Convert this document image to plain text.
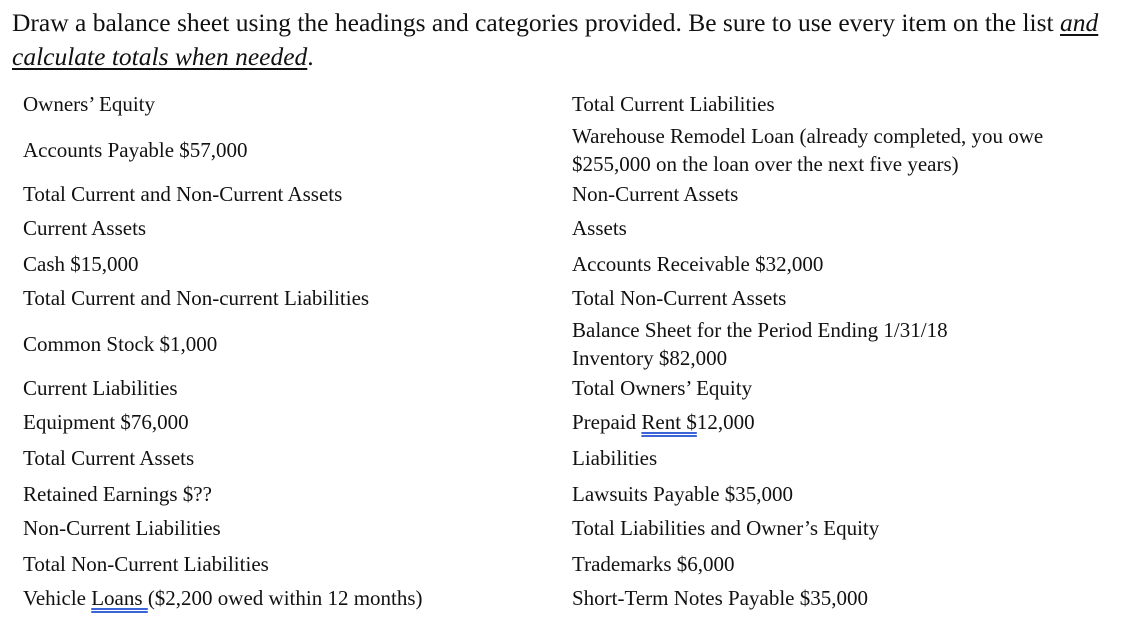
Draw a balance sheet using the headings and categories provided. Be sure to use every item on the list and calculate totals when needed.

Owners’ Equity
Accounts Payable $57,000
Total Current and Non-Current Assets
Current Assets
Cash $15,000
Total Current and Non-current Liabilities
Common Stock $1,000
Current Liabilities
Equipment $76,000
Total Current Assets
Retained Earnings $??
Non-Current Liabilities
Total Non-Current Liabilities
Vehicle Loans ($2,200 owed within 12 months)
Total Current Liabilities
Warehouse Remodel Loan (already completed, you owe $255,000 on the loan over the next five years)
Non-Current Assets
Assets
Accounts Receivable $32,000
Total Non-Current Assets
Balance Sheet for the Period Ending 1/31/18
Inventory $82,000
Total Owners’ Equity
Prepaid Rent $12,000
Liabilities
Lawsuits Payable $35,000
Total Liabilities and Owner’s Equity
Trademarks $6,000
Short-Term Notes Payable $35,000
